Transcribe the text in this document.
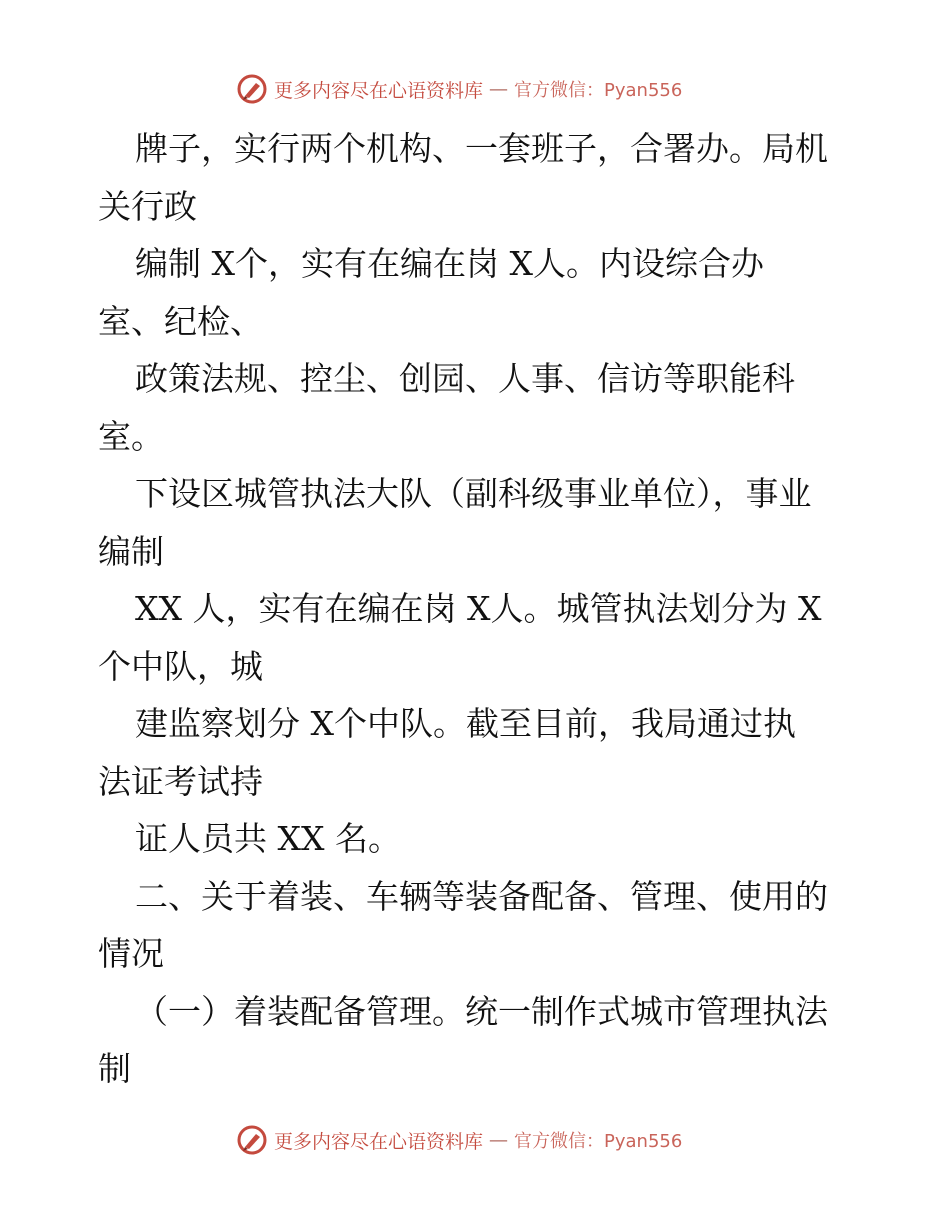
更多内容尽在心语资料库 — 官方微信：Pyan556
牌子，实行两个机构、一套班子，合署办。局机
关行政
编制 X个，实有在编在岗 X人。内设综合办
室、纪检、
政策法规、控尘、创园、人事、信访等职能科
室。
下设区城管执法大队（副科级事业单位），事业
编制
XX 人，实有在编在岗 X人。城管执法划分为 X
个中队，城
建监察划分 X个中队。截至目前，我局通过执
法证考试持
证人员共 XX 名。
二、关于着装、车辆等装备配备、管理、使用的
情况
（一）着装配备管理。统一制作式城市管理执法
制
更多内容尽在心语资料库 — 官方微信：Pyan556
